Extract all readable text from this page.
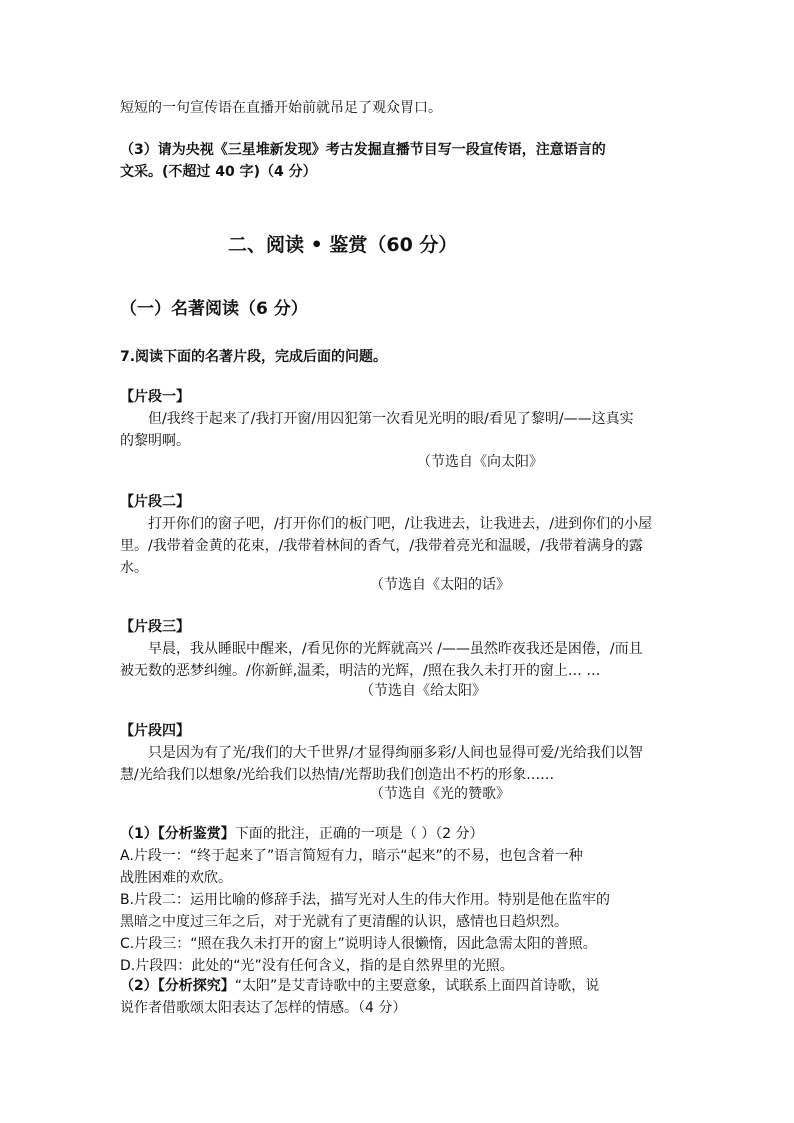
短短的一句宣传语在直播开始前就吊足了观众胃口。
（3）请为央视《三星堆新发现》考古发掘直播节目写一段宣传语，注意语言的
文采。(不超过 40 字)（4 分）
二、阅读 • 鉴赏（60 分）
（一）名著阅读（6 分）
7.阅读下面的名著片段，完成后面的问题。
【片段一】
但/我终于起来了/我打开窗/用囚犯第一次看见光明的眼/看见了黎明/——这真实
的黎明啊。
（节选自《向太阳》
【片段二】
打开你们的窗子吧，/打开你们的板门吧，/让我进去，让我进去，/进到你们的小屋
里。/我带着金黄的花束，/我带着林间的香气，/我带着亮光和温暖，/我带着满身的露
水。
（节选自《太阳的话》
【片段三】
早晨，我从睡眠中醒来，/看见你的光辉就高兴 /——虽然昨夜我还是困倦，/而且
被无数的恶梦纠缠。/你新鲜,温柔，明洁的光辉，/照在我久未打开的窗上… …
（节选自《给太阳》
【片段四】
只是因为有了光/我们的大千世界/才显得绚丽多彩/人间也显得可爱/光给我们以智
慧/光给我们以想象/光给我们以热情/光帮助我们创造出不朽的形象……
（节选自《光的赞歌》
（1）【分析鉴赏】下面的批注，正确的一项是（ ）（2 分）
A.片段一：“终于起来了”语言简短有力，暗示“起来”的不易，也包含着一种
战胜困难的欢欣。
B.片段二：运用比喻的修辞手法，描写光对人生的伟大作用。特别是他在监牢的
黑暗之中度过三年之后，对于光就有了更清醒的认识，感情也日趋炽烈。
C.片段三：“照在我久未打开的窗上”说明诗人很懒惰，因此急需太阳的普照。
D.片段四：此处的“光”没有任何含义，指的是自然界里的光照。
（2）【分析探究】“太阳”是艾青诗歌中的主要意象，试联系上面四首诗歌，说
说作者借歌颂太阳表达了怎样的情感。（4 分）
